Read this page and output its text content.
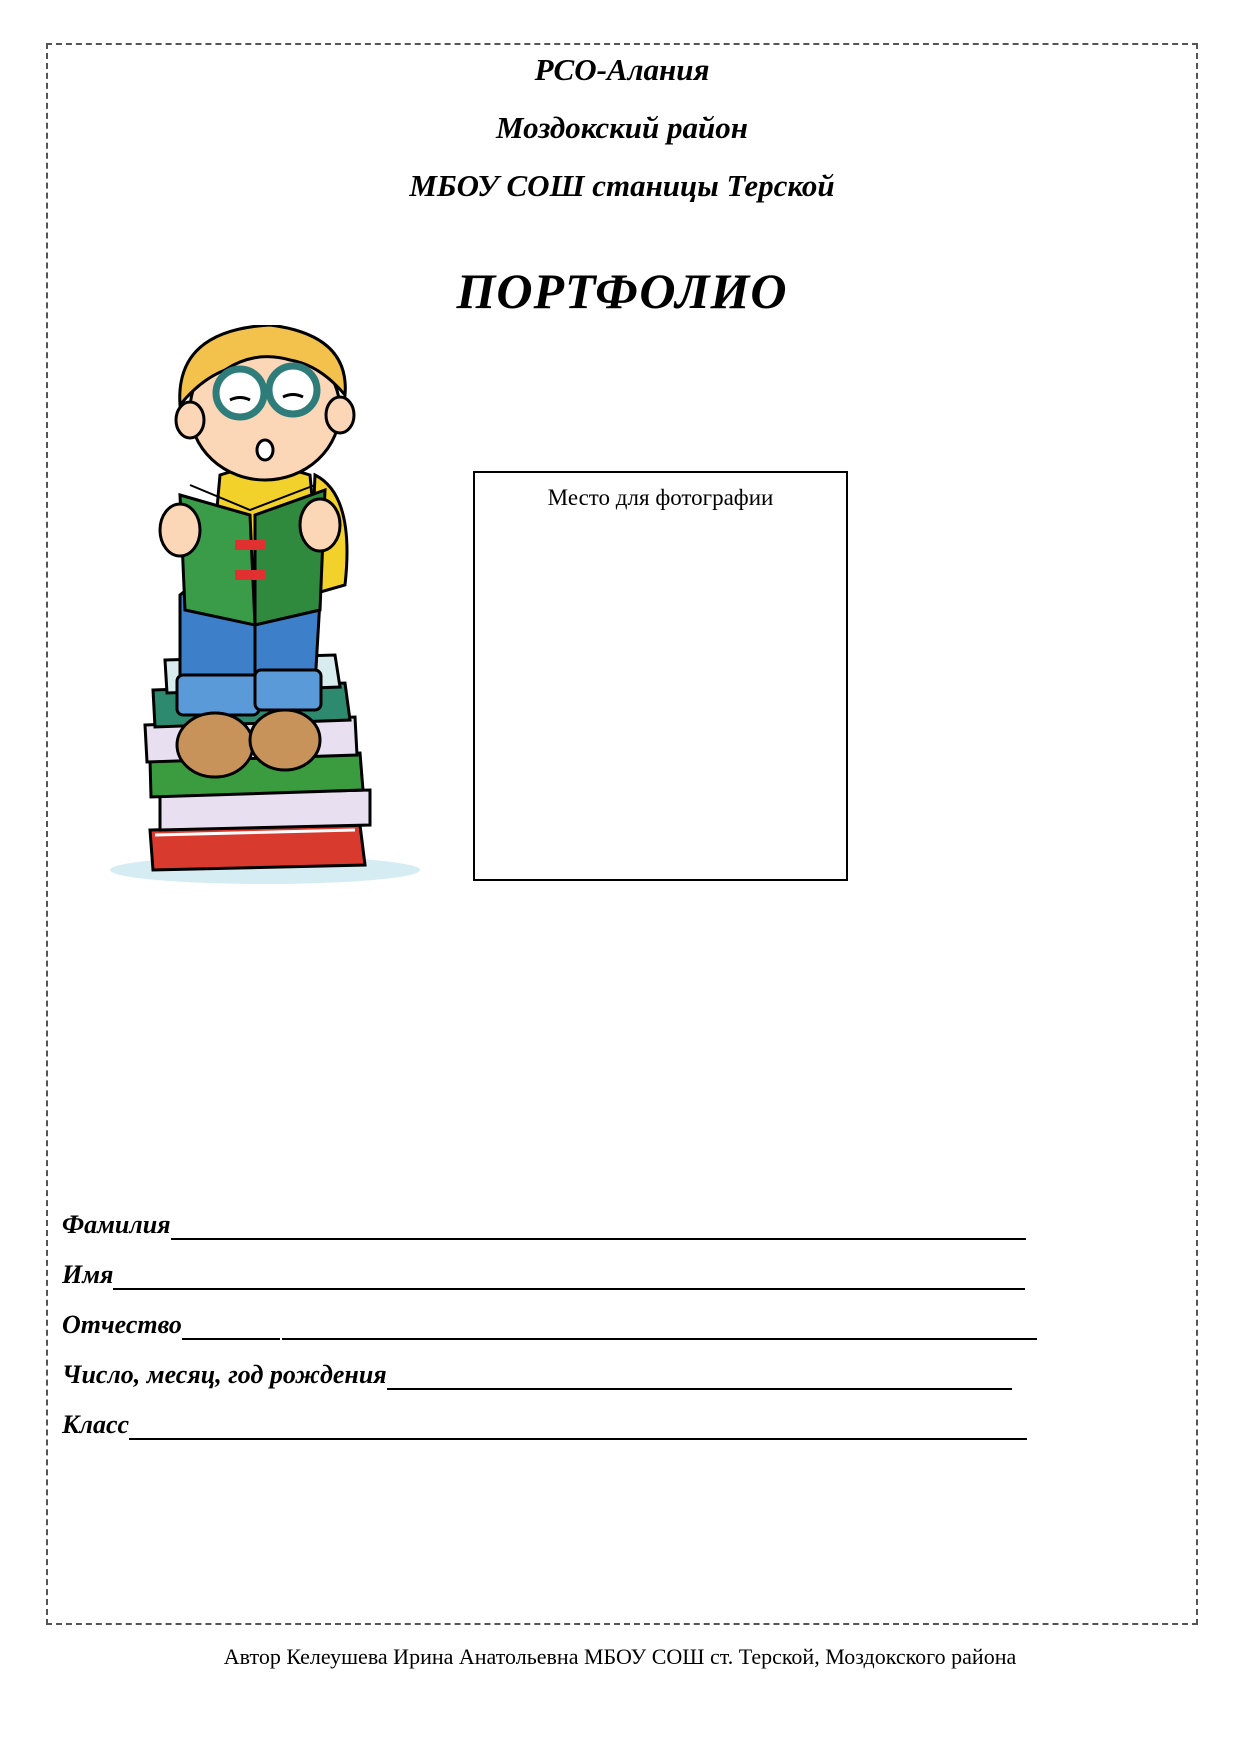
РСО-Алания
Моздокский район
МБОУ СОШ станицы Терской
ПОРТФОЛИО
Место для фотографии
Фамилия
Имя
Отчество
Число, месяц, год рождения
Класс
Автор Келеушева Ирина Анатольевна МБОУ СОШ ст. Терской, Моздокского района
